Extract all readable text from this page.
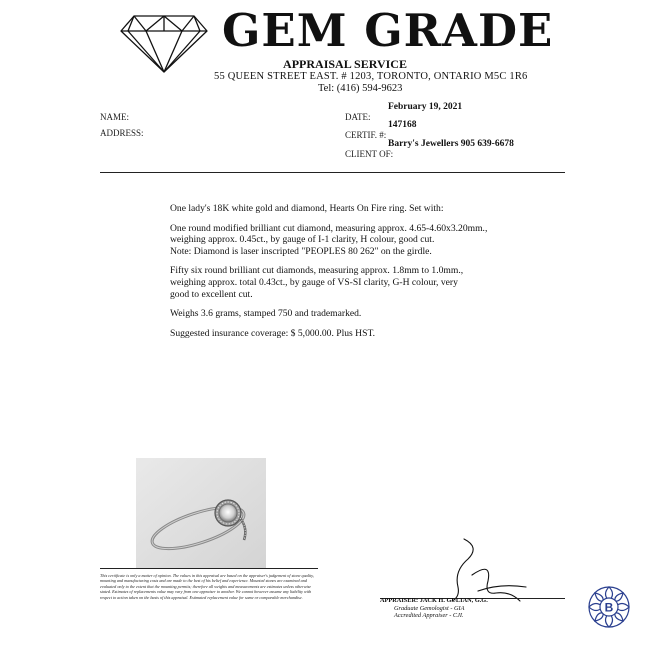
GEM GRADE
APPRAISAL SERVICE
55 QUEEN STREET EAST. # 1203, TORONTO, ONTARIO M5C 1R6
Tel: (416) 594-9623
NAME:
ADDRESS:
DATE:
February 19, 2021
CERTIF. #:
147168
CLIENT OF:
Barry's Jewellers 905 639-6678

One lady's 18K white gold and diamond, Hearts On Fire ring. Set with:

One round modified brilliant cut diamond, measuring approx. 4.65-4.60x3.20mm.,
weighing approx. 0.45ct., by gauge of I-1 clarity, H colour, good cut.
Note: Diamond is laser inscripted "PEOPLES 80 262" on the girdle.

Fifty six round brilliant cut diamonds, measuring approx. 1.8mm to 1.0mm.,
weighing approx. total 0.43ct., by gauge of VS-SI clarity, G-H colour, very
good to excellent cut.

Weighs 3.6 grams, stamped 750 and trademarked.

Suggested insurance coverage: $ 5,000.00. Plus HST.

This certificate is only a matter of opinion. The values in this appraisal are based on the appraiser's judgement of stone quality, mounting and manufacturing costs and are made to the best of his belief and experience. Mounted stones are examined and evaluated only to the extent that the mounting permits; therefore all weights and measurements are estimates unless otherwise stated. Estimates of replacements value may vary from one appraiser to another. We cannot however assume any liability with respect to action taken on the basis of this appraisal. Estimated replacement value for same or comparable merchandise.	APPRAISER: JACK H. GULIAN, G.G.
Graduate Gemologist - GIA
Accredited Appraiser - CJI.
B
